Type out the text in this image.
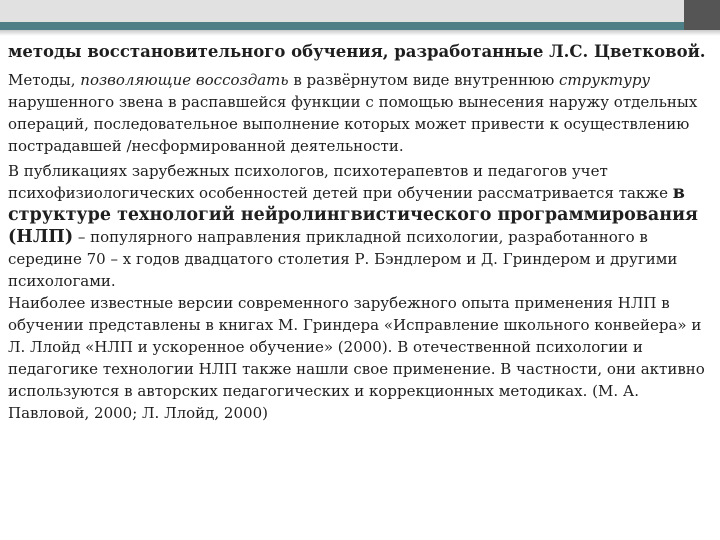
методы восстановительного обучения, разработанные Л.С. Цветковой.

Методы, позволяющие воссоздать в развёрнутом виде внутреннюю структуру нарушенного звена в распавшейся функции с помощью вынесения наружу отдельных операций, последовательное выполнение которых может привести к осуществлению пострадавшей /несформированной деятельности.

В публикациях зарубежных психологов, психотерапевтов и педагогов учет психофизиологических особенностей детей при обучении рассматривается также в структуре технологий нейролингвистического программирования (НЛП) – популярного направления прикладной психологии, разработанного в середине 70 – х годов двадцатого столетия Р. Бэндлером и Д. Гриндером и другими психологами.

Наиболее известные версии современного зарубежного опыта применения НЛП в обучении представлены в книгах М. Гриндера «Исправление школьного конвейера» и Л. Ллойд «НЛП и ускоренное обучение» (2000). В отечественной психологии и педагогике технологии НЛП также нашли свое применение. В частности, они активно используются в авторских педагогических и коррекционных методиках. (М. А. Павловой, 2000; Л. Ллойд, 2000)
